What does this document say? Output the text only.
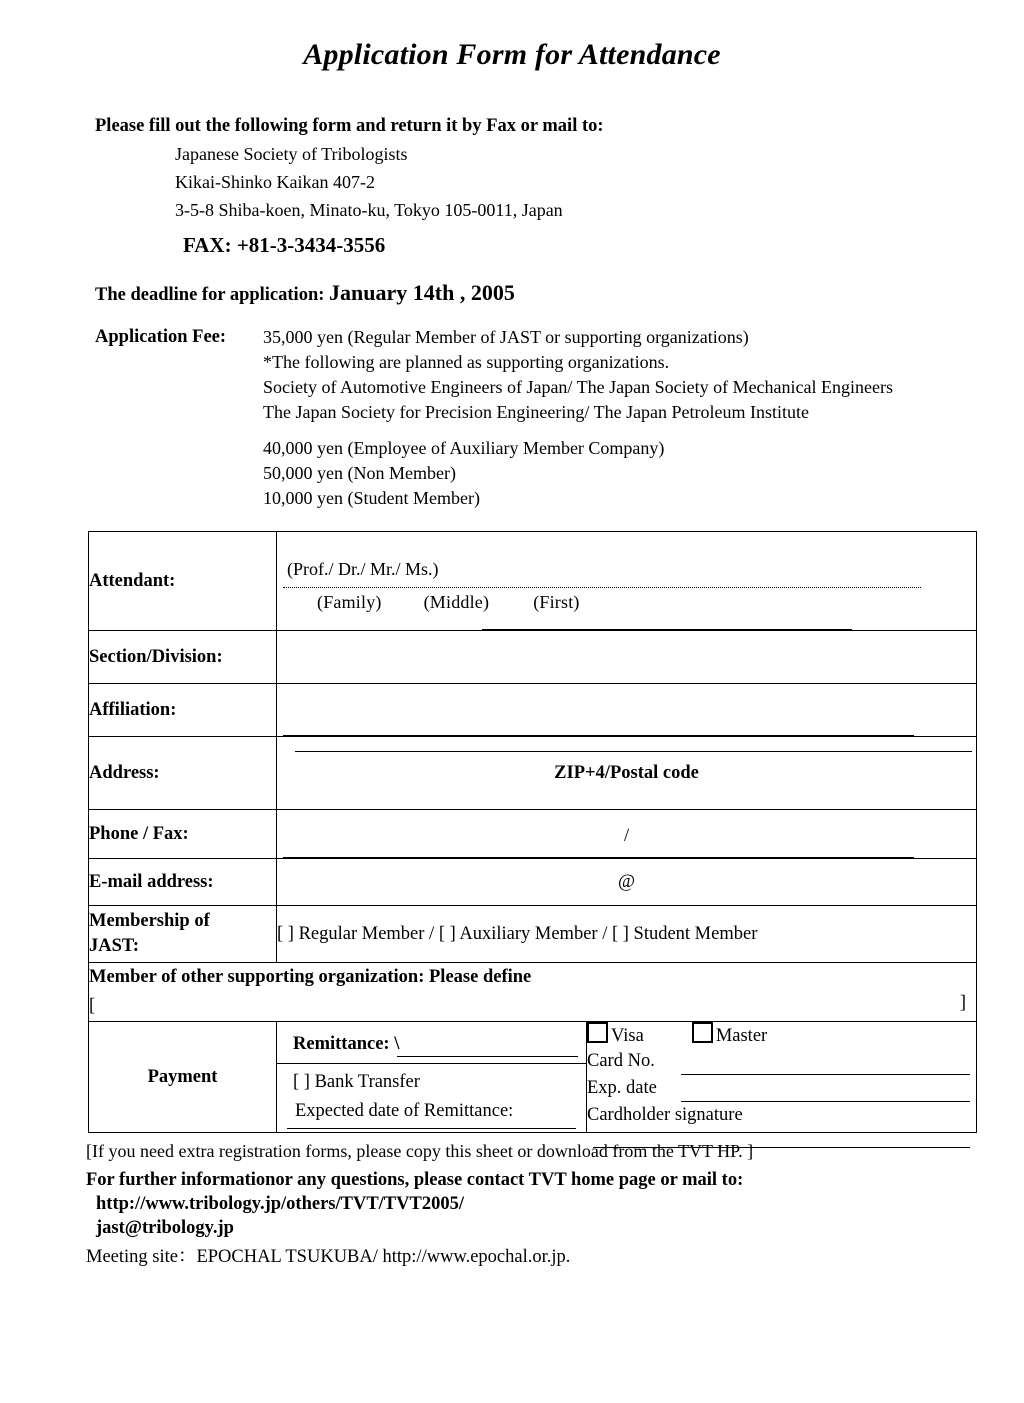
Application Form for Attendance
Please fill out the following form and return it by Fax or mail to:
Japanese Society of Tribologists
Kikai-Shinko Kaikan 407-2
3-5-8 Shiba-koen, Minato-ku, Tokyo 105-0011, Japan
FAX: +81-3-3434-3556
The deadline for application: January 14th , 2005
Application Fee: 35,000 yen (Regular Member of JAST or supporting organizations)
*The following are planned as supporting organizations.
Society of Automotive Engineers of Japan/ The Japan Society of Mechanical Engineers
The Japan Society for Precision Engineering/ The Japan Petroleum Institute
40,000 yen (Employee of Auxiliary Member Company)
50,000 yen (Non Member)
10,000 yen (Student Member)
Attendant:	(Prof./ Dr./ Mr./ Ms.)
(Family) (Middle) (First)	

Section/Division:		

Affiliation:		

Address:	ZIP+4/Postal code	

Phone / Fax:	/	

E-mail address:	@	

Membership of
JAST:	[ ] Regular Member / [ ] Auxiliary Member / [ ] Student Member	
Member of other supporting organization: Please define		
[ ]		

Payment	
Remittance: \
[ ] Bank Transfer
Expected date of Remittance:

Visa	Master
Card No.
Exp. date
Cardholder signature
[If you need extra registration forms, please copy this sheet or download from the TVT HP. ]
For further informationor any questions, please contact TVT home page or mail to:
http://www.tribology.jp/others/TVT/TVT2005/
jast@tribology.jp
Meeting site：EPOCHAL TSUKUBA/ http://www.epochal.or.jp.
